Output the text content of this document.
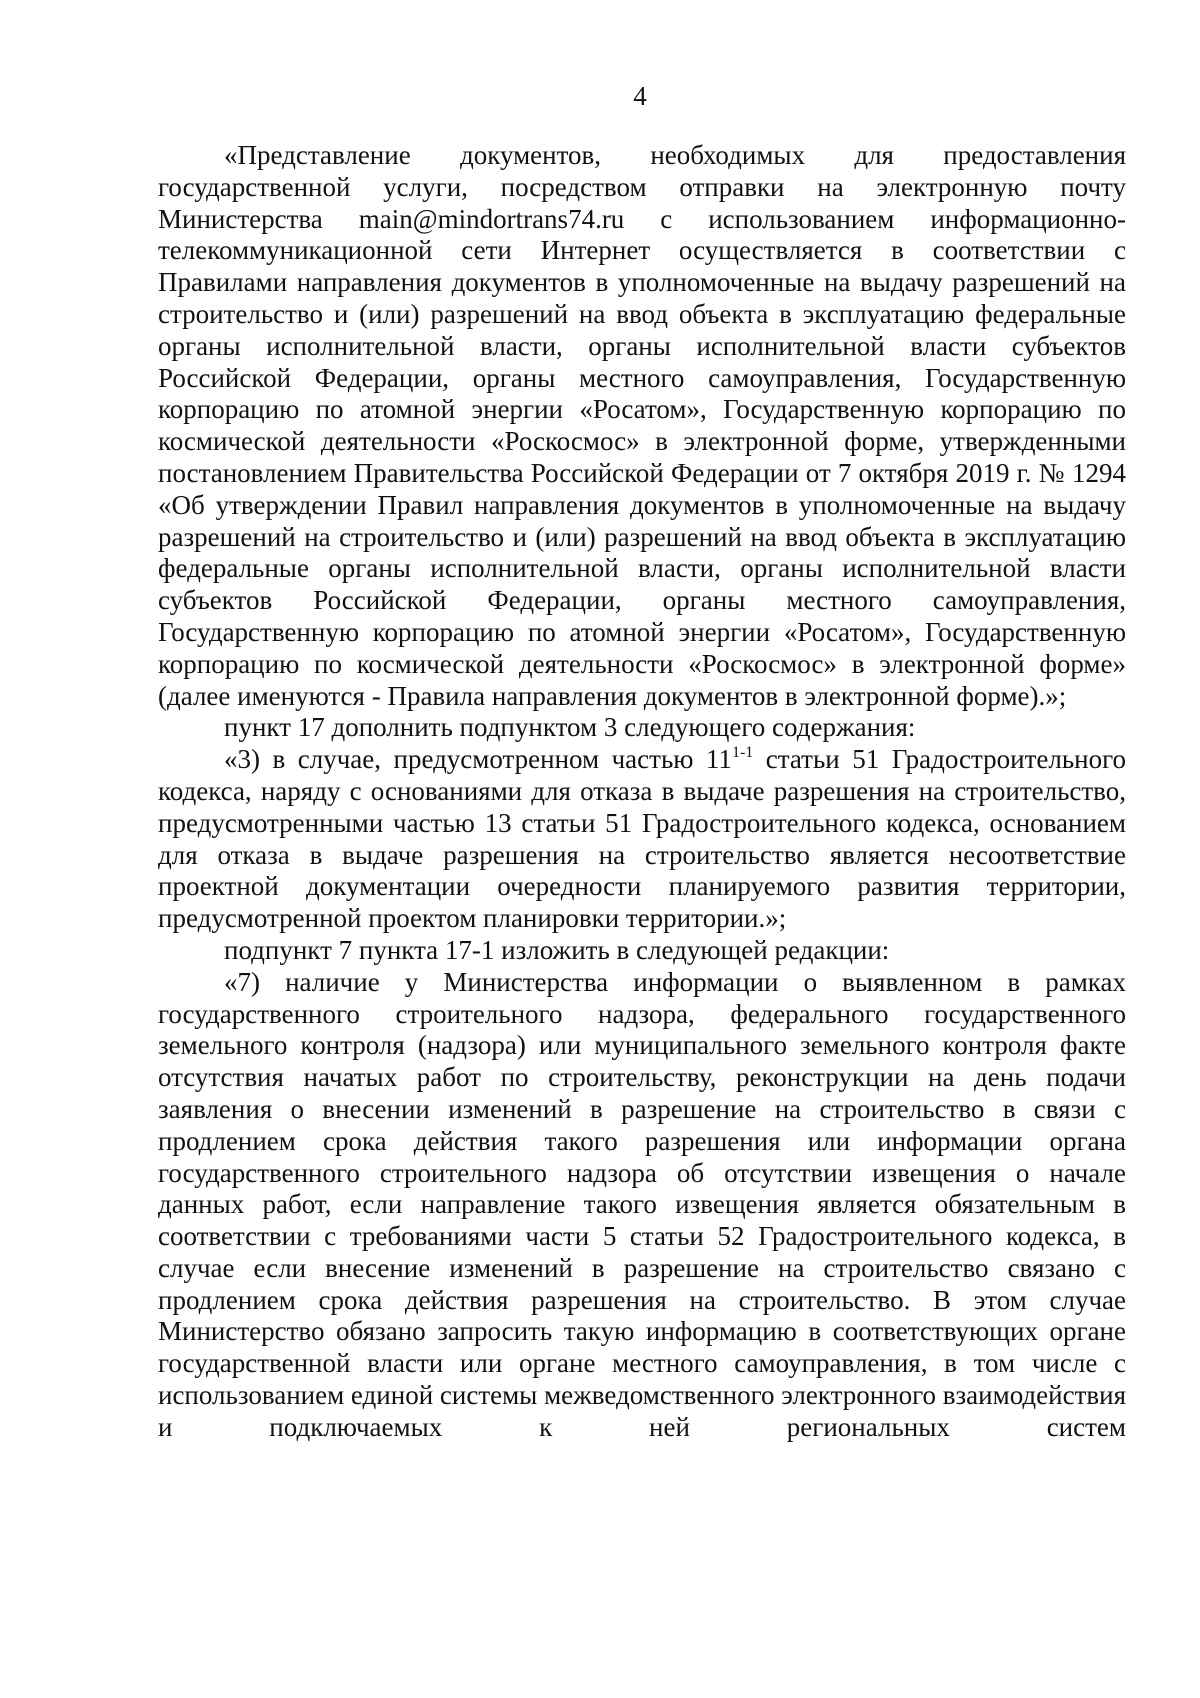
4

«Представление документов, необходимых для предоставления государственной услуги, посредством отправки на электронную почту Министерства main@mindortrans74.ru с использованием информационно-телекоммуникационной сети Интернет осуществляется в соответствии с Правилами направления документов в уполномоченные на выдачу разрешений на строительство и (или) разрешений на ввод объекта в эксплуатацию федеральные органы исполнительной власти, органы исполнительной власти субъектов Российской Федерации, органы местного самоуправления, Государственную корпорацию по атомной энергии «Росатом», Государственную корпорацию по космической деятельности «Роскосмос» в электронной форме, утвержденными постановлением Правительства Российской Федерации от 7 октября 2019 г. № 1294 «Об утверждении Правил направления документов в уполномоченные на выдачу разрешений на строительство и (или) разрешений на ввод объекта в эксплуатацию федеральные органы исполнительной власти, органы исполнительной власти субъектов Российской Федерации, органы местного самоуправления, Государственную корпорацию по атомной энергии «Росатом», Государственную корпорацию по космической деятельности «Роскосмос» в электронной форме» (далее именуются - Правила направления документов в электронной форме).»;

пункт 17 дополнить подпунктом 3 следующего содержания:

«3) в случае, предусмотренном частью 11$^{1-1}$ статьи 51 Градостроительного кодекса, наряду с основаниями для отказа в выдаче разрешения на строительство, предусмотренными частью 13 статьи 51 Градостроительного кодекса, основанием для отказа в выдаче разрешения на строительство является несоответствие проектной документации очередности планируемого развития территории, предусмотренной проектом планировки территории.»;

подпункт 7 пункта 17-1 изложить в следующей редакции:

«7) наличие у Министерства информации о выявленном в рамках государственного строительного надзора, федерального государственного земельного контроля (надзора) или муниципального земельного контроля факте отсутствия начатых работ по строительству, реконструкции на день подачи заявления о внесении изменений в разрешение на строительство в связи с продлением срока действия такого разрешения или информации органа государственного строительного надзора об отсутствии извещения о начале данных работ, если направление такого извещения является обязательным в соответствии с требованиями части 5 статьи 52 Градостроительного кодекса, в случае если внесение изменений в разрешение на строительство связано с продлением срока действия разрешения на строительство. В этом случае Министерство обязано запросить такую информацию в соответствующих органе государственной власти или органе местного самоуправления, в том числе с использованием единой системы межведомственного электронного взаимодействия и подключаемых к ней региональных систем
